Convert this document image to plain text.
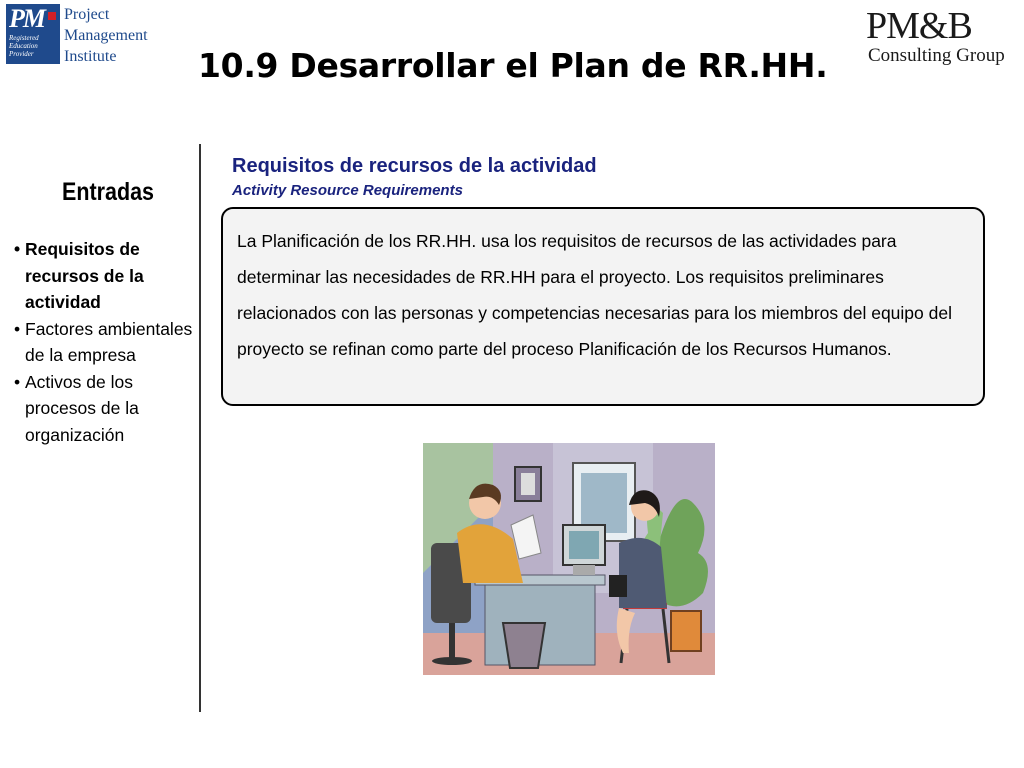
PM
Registered
Education
Provider
Project
Management
Institute
PM&B
Consulting Group
10.9 Desarrollar el Plan de RR.HH.
Entradas
• Requisitos de recursos de la actividad
• Factores ambientales de la empresa
• Activos de los procesos de la organización
Requisitos de recursos de la actividad
Activity Resource Requirements

La Planificación de los RR.HH. usa los requisitos de recursos de las actividades para determinar las necesidades de RR.HH para el proyecto. Los requisitos preliminares relacionados con las personas y competencias necesarias para los miembros del equipo del proyecto se refinan como parte del proceso Planificación de los Recursos Humanos.
